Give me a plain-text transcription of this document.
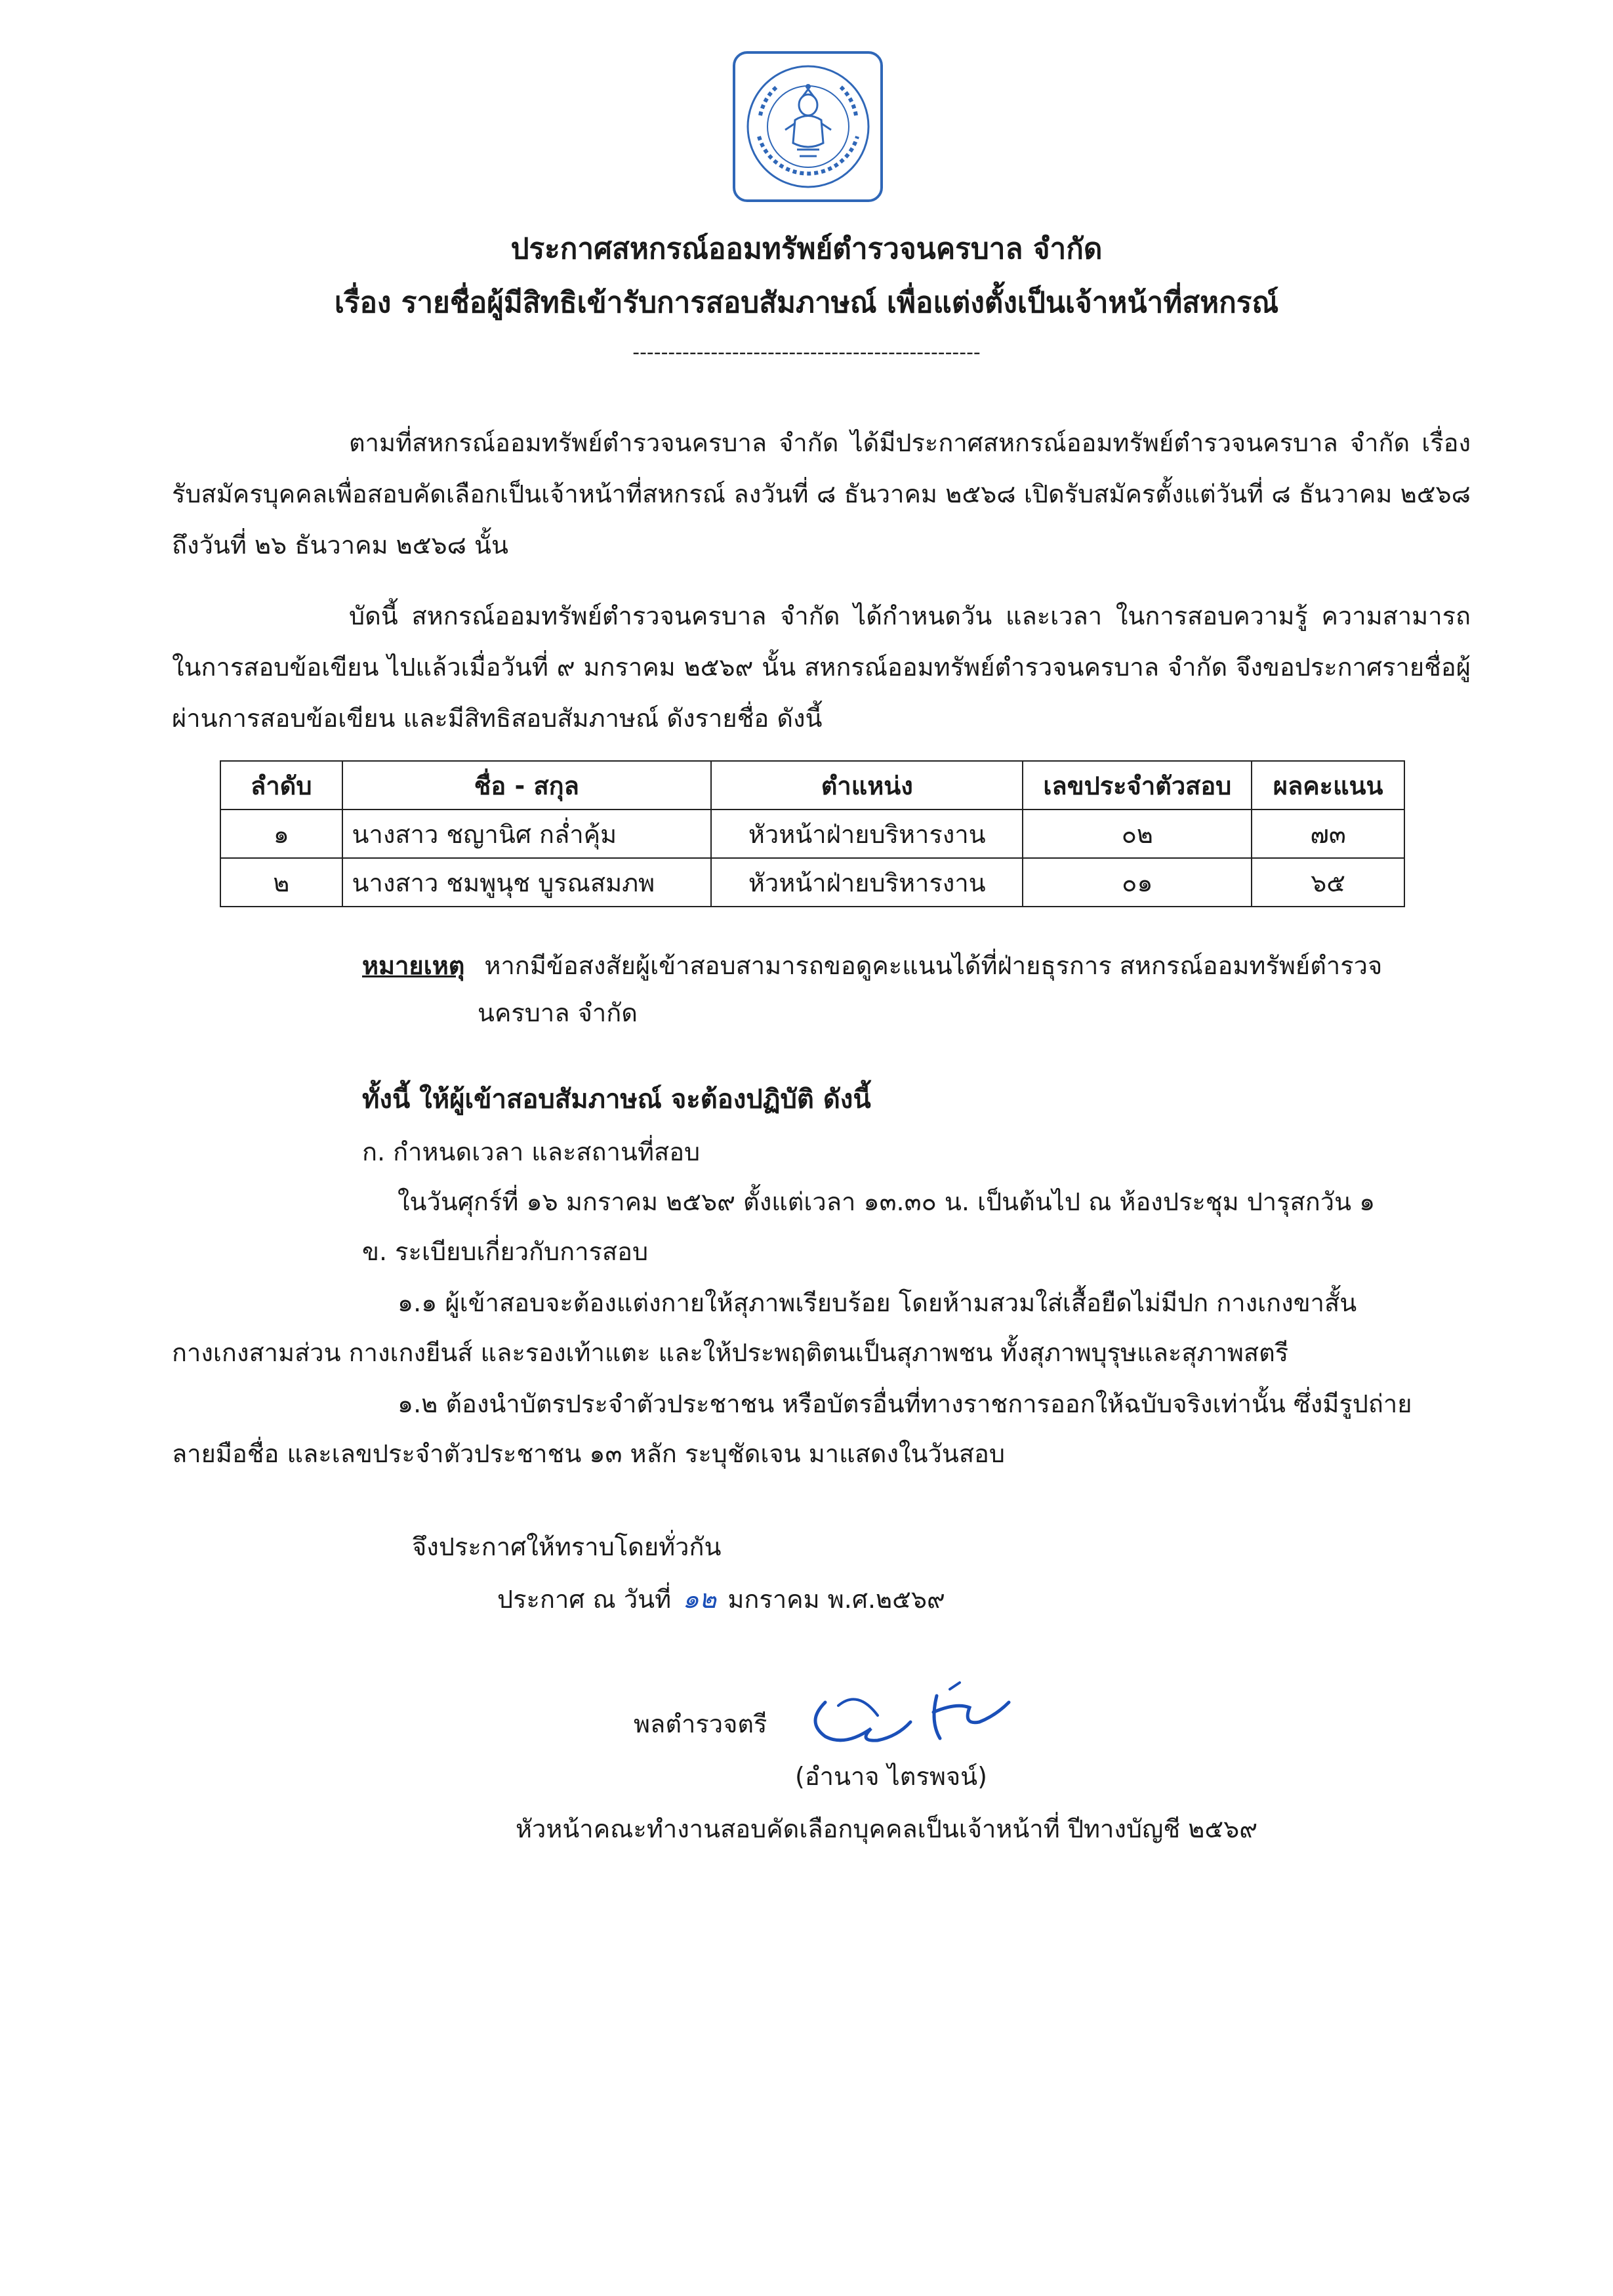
ประกาศสหกรณ์ออมทรัพย์ตำรวจนครบาล จำกัด
เรื่อง รายชื่อผู้มีสิทธิเข้ารับการสอบสัมภาษณ์ เพื่อแต่งตั้งเป็นเจ้าหน้าที่สหกรณ์
-------------------------------------------------

ตามที่สหกรณ์ออมทรัพย์ตำรวจนครบาล จำกัด ได้มีประกาศสหกรณ์ออมทรัพย์ตำรวจนครบาล จำกัด เรื่อง รับสมัครบุคคลเพื่อสอบคัดเลือกเป็นเจ้าหน้าที่สหกรณ์ ลงวันที่ ๘ ธันวาคม ๒๕๖๘ เปิดรับสมัครตั้งแต่วันที่ ๘ ธันวาคม ๒๕๖๘ ถึงวันที่ ๒๖ ธันวาคม ๒๕๖๘ นั้น

บัดนี้ สหกรณ์ออมทรัพย์ตำรวจนครบาล จำกัด ได้กำหนดวัน และเวลา ในการสอบความรู้ ความสามารถ ในการสอบข้อเขียน ไปแล้วเมื่อวันที่ ๙ มกราคม ๒๕๖๙ นั้น สหกรณ์ออมทรัพย์ตำรวจนครบาล จำกัด จึงขอประกาศรายชื่อผู้ผ่านการสอบข้อเขียน และมีสิทธิสอบสัมภาษณ์ ดังรายชื่อ ดังนี้

ลำดับ	ชื่อ - สกุล	ตำแหน่ง	เลขประจำตัวสอบ	ผลคะแนน
๑	นางสาว ชญานิศ กล่ำคุ้ม	หัวหน้าฝ่ายบริหารงาน	๐๒	๗๓
๒	นางสาว ชมพูนุช บูรณสมภพ	หัวหน้าฝ่ายบริหารงาน	๐๑	๖๕
หมายเหตุ หากมีข้อสงสัยผู้เข้าสอบสามารถขอดูคะแนนได้ที่ฝ่ายธุรการ สหกรณ์ออมทรัพย์ตำรวจ
นครบาล จำกัด
ทั้งนี้ ให้ผู้เข้าสอบสัมภาษณ์ จะต้องปฏิบัติ ดังนี้
ก. กำหนดเวลา และสถานที่สอบ
ในวันศุกร์ที่ ๑๖ มกราคม ๒๕๖๙ ตั้งแต่เวลา ๑๓.๓๐ น. เป็นต้นไป ณ ห้องประชุม ปารุสกวัน ๑
ข. ระเบียบเกี่ยวกับการสอบ
๑.๑ ผู้เข้าสอบจะต้องแต่งกายให้สุภาพเรียบร้อย โดยห้ามสวมใส่เสื้อยืดไม่มีปก กางเกงขาสั้น
กางเกงสามส่วน กางเกงยีนส์ และรองเท้าแตะ และให้ประพฤติตนเป็นสุภาพชน ทั้งสุภาพบุรุษและสุภาพสตรี
๑.๒ ต้องนำบัตรประจำตัวประชาชน หรือบัตรอื่นที่ทางราชการออกให้ฉบับจริงเท่านั้น ซึ่งมีรูปถ่าย
ลายมือชื่อ และเลขประจำตัวประชาชน ๑๓ หลัก ระบุชัดเจน มาแสดงในวันสอบ
จึงประกาศให้ทราบโดยทั่วกัน
ประกาศ ณ วันที่ ๑๒ มกราคม พ.ศ.๒๕๖๙
พลตำรวจตรี
(อำนาจ ไตรพจน์)
หัวหน้าคณะทำงานสอบคัดเลือกบุคคลเป็นเจ้าหน้าที่ ปีทางบัญชี ๒๕๖๙
